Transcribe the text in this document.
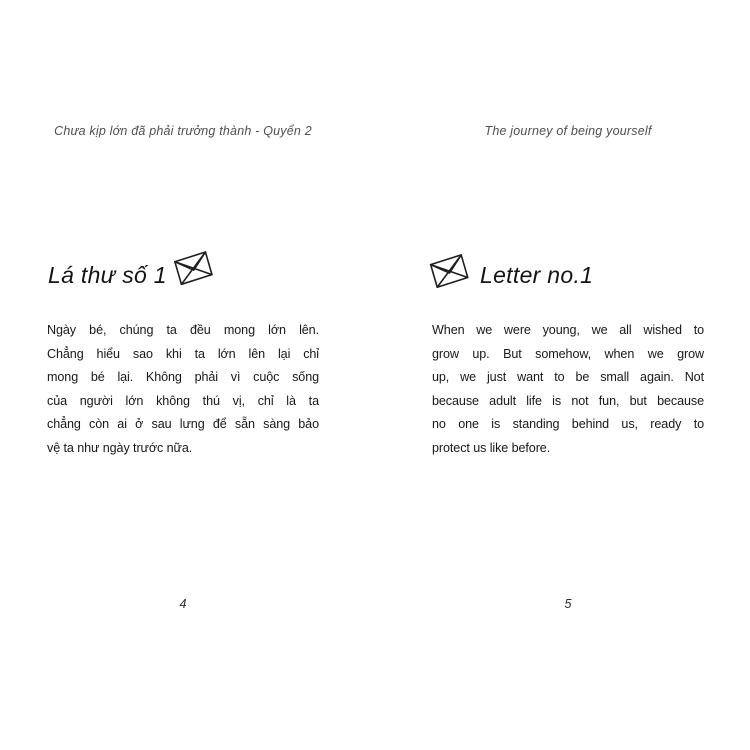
Chưa kịp lớn đã phải trưởng thành - Quyển 2
Lá thư số 1
Ngày bé, chúng ta đều mong lớn lên.
Chẳng hiểu sao khi ta lớn lên lại chỉ
mong bé lại. Không phải vì cuộc sống
của người lớn không thú vị, chỉ là ta
chẳng còn ai ở sau lưng để sẵn sàng bảo
vệ ta như ngày trước nữa.
4
The journey of being yourself
Letter no.1
When we were young, we all wished to
grow up. But somehow, when we grow
up, we just want to be small again. Not
because adult life is not fun, but because
no one is standing behind us, ready to
protect us like before.
5
